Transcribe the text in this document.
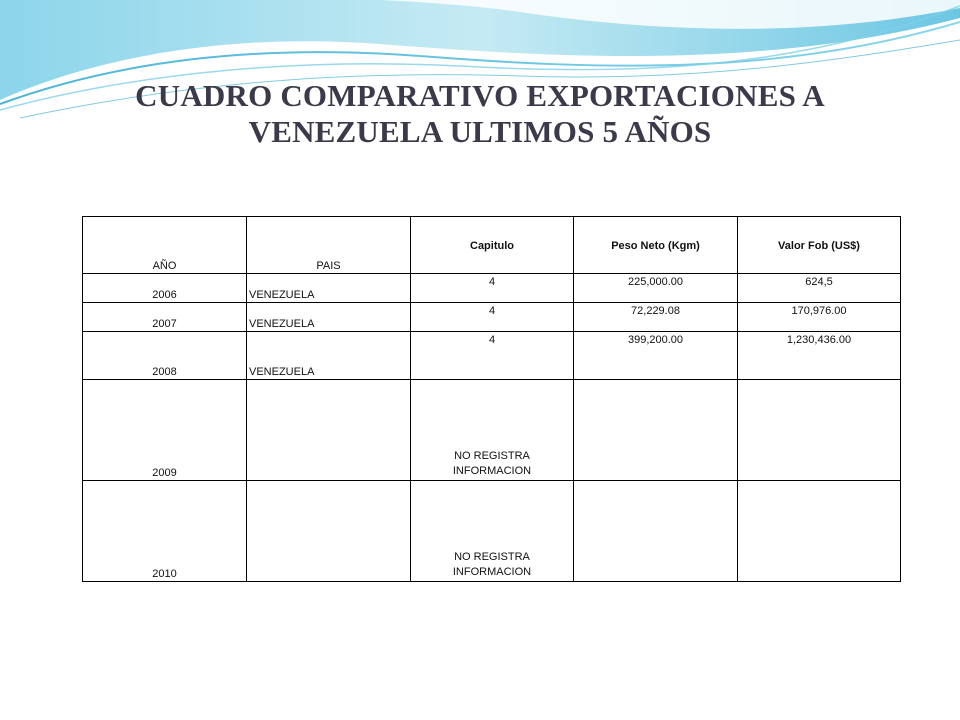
CUADRO COMPARATIVO EXPORTACIONES A
VENEZUELA ULTIMOS 5 AÑOS
AÑO	PAIS	Capitulo	Peso Neto (Kgm)	Valor Fob (US$)
2006	VENEZUELA	4	225,000.00	624,5
2007	VENEZUELA	4	72,229.08	170,976.00
2008	VENEZUELA	4	399,200.00	1,230,436.00
2009		NO REGISTRA
INFORMACION		

2010		NO REGISTRA
INFORMACION		
